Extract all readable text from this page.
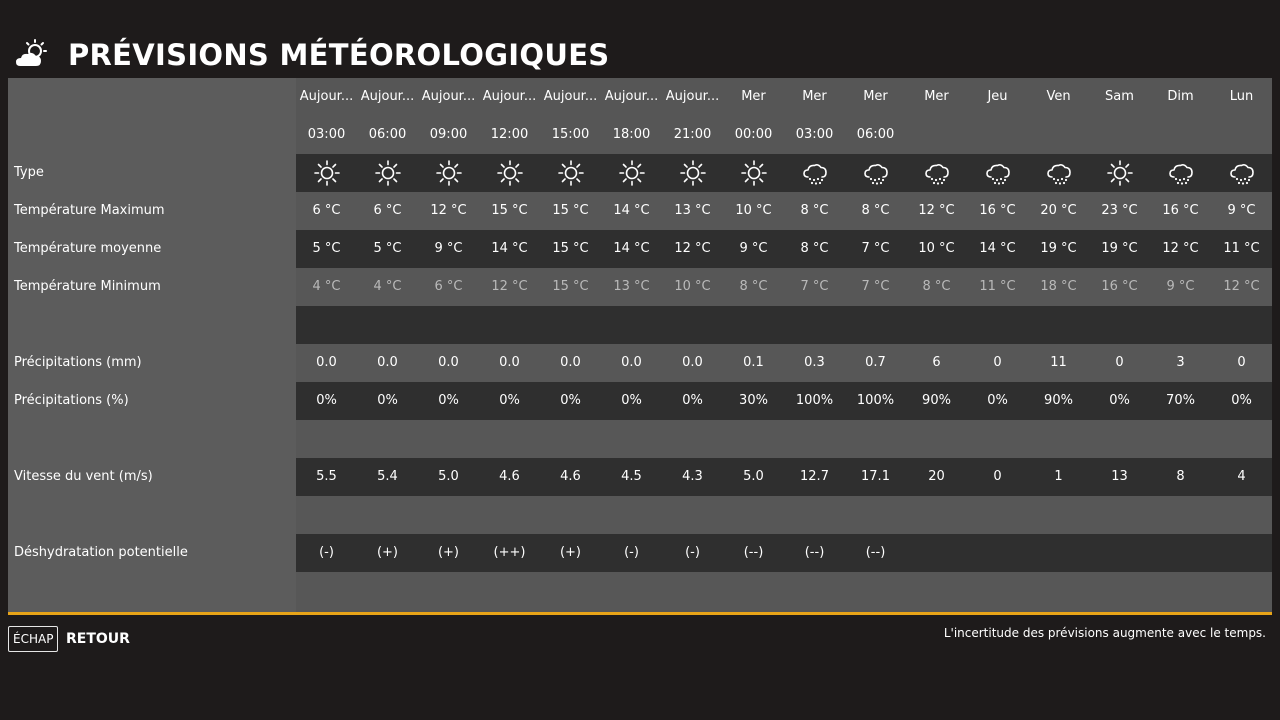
PRÉVISIONS MÉTÉOROLOGIQUES
Aujour... Aujour... Aujour... Aujour... Aujour... Aujour... Aujour...	Mer	Mer	Mer	Mer	Jeu	Ven	Sam	Dim	Lun
03:00	06:00	09:00	12:00	15:00	18:00	21:00	00:00	03:00	06:00
Type
Température Maximum	6 °C	6 °C	12 °C	15 °C	15 °C	14 °C	13 °C	10 °C	8 °C	8 °C	12 °C	16 °C	20 °C	23 °C	16 °C	9 °C
Température moyenne	5 °C	5 °C	9 °C	14 °C	15 °C	14 °C	12 °C	9 °C	8 °C	7 °C	10 °C	14 °C	19 °C	19 °C	12 °C	11 °C
Température Minimum	4 °C	4 °C	6 °C	12 °C	15 °C	13 °C	10 °C	8 °C	7 °C	7 °C	8 °C	11 °C	18 °C	16 °C	9 °C	12 °C
Précipitations (mm)	0.0	0.0	0.0	0.0	0.0	0.0	0.0	0.1	0.3	0.7	6	0	11	0	3	0
Précipitations (%)	0%	0%	0%	0%	0%	0%	0%	30%	100%	100%	90%	0%	90%	0%	70%	0%
Vitesse du vent (m/s)	5.5	5.4	5.0	4.6	4.6	4.5	4.3	5.0	12.7	17.1	20	0	1	13	8	4
Déshydratation potentielle	(-)	(+)	(+)	(++)	(+)	(-)	(-)	(--)	(--)	(--)
ÉCHAP RETOUR	L'incertitude des prévisions augmente avec le temps.
